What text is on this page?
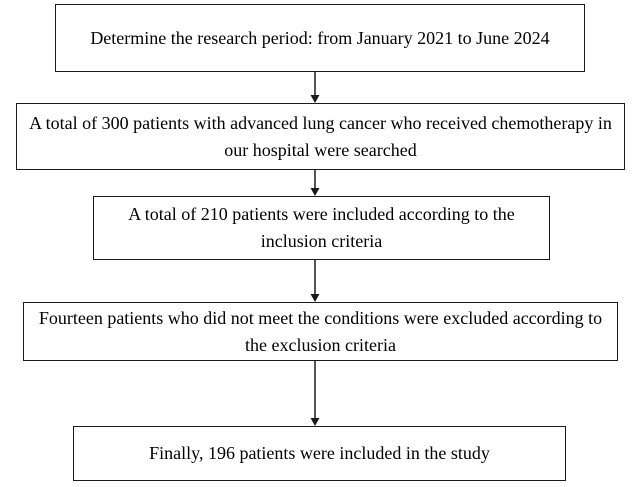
Determine the research period: from January 2021 to June 2024
A total of 300 patients with advanced lung cancer who received chemotherapy in our hospital were searched
A total of 210 patients were included according to the inclusion criteria
Fourteen patients who did not meet the conditions were excluded according to the exclusion criteria
Finally, 196 patients were included in the study
